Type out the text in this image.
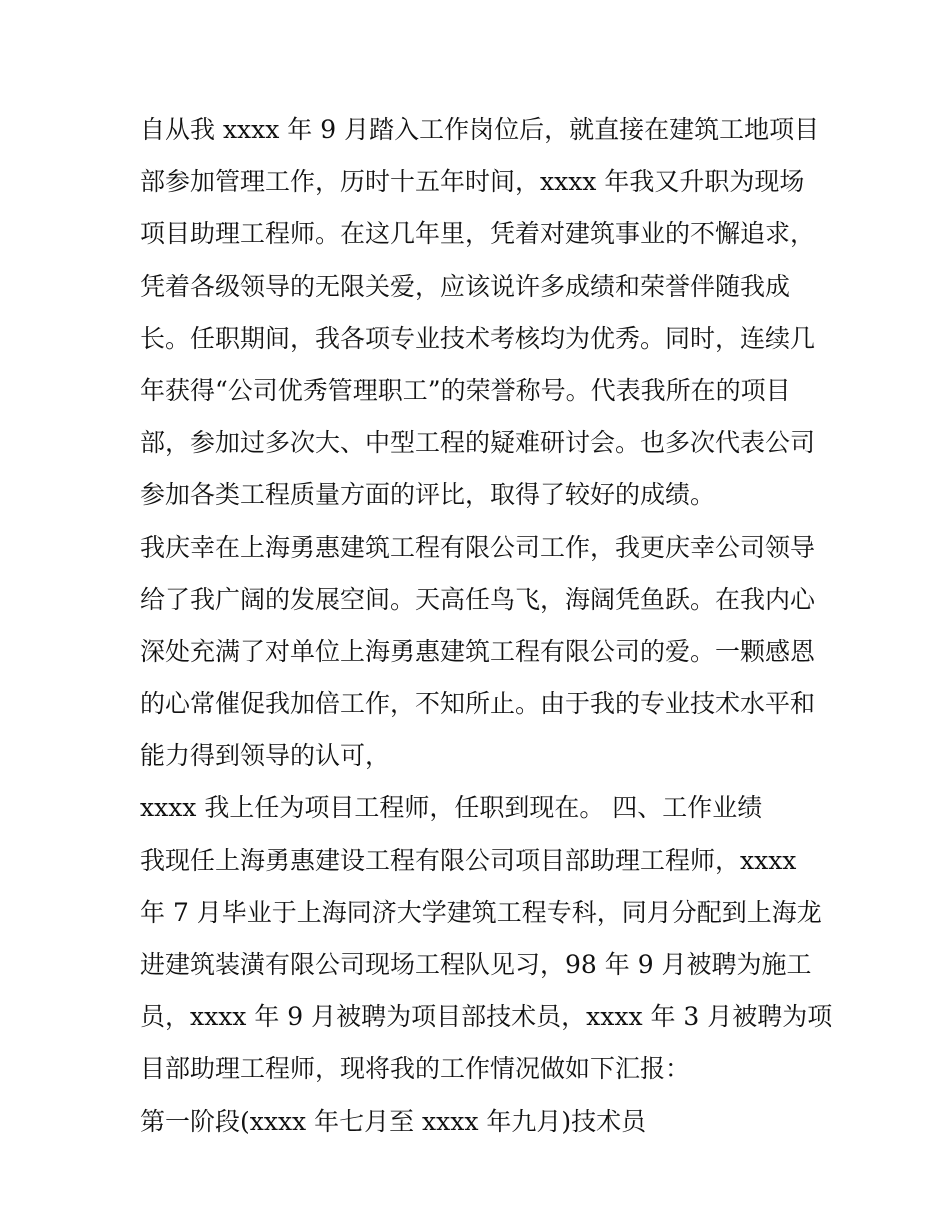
自从我 xxxx 年 9 月踏入工作岗位后，就直接在建筑工地项目
部参加管理工作，历时十五年时间，xxxx 年我又升职为现场
项目助理工程师。在这几年里，凭着对建筑事业的不懈追求，
凭着各级领导的无限关爱，应该说许多成绩和荣誉伴随我成
长。任职期间，我各项专业技术考核均为优秀。同时，连续几
年获得“公司优秀管理职工”的荣誉称号。代表我所在的项目
部，参加过多次大、中型工程的疑难研讨会。也多次代表公司
参加各类工程质量方面的评比，取得了较好的成绩。
我庆幸在上海勇惠建筑工程有限公司工作，我更庆幸公司领导
给了我广阔的发展空间。天高任鸟飞，海阔凭鱼跃。在我内心
深处充满了对单位上海勇惠建筑工程有限公司的爱。一颗感恩
的心常催促我加倍工作，不知所止。由于我的专业技术水平和
能力得到领导的认可，
xxxx 我上任为项目工程师，任职到现在。 四、工作业绩
我现任上海勇惠建设工程有限公司项目部助理工程师，xxxx
年 7 月毕业于上海同济大学建筑工程专科，同月分配到上海龙
进建筑装潢有限公司现场工程队见习，98 年 9 月被聘为施工
员，xxxx 年 9 月被聘为项目部技术员，xxxx 年 3 月被聘为项
目部助理工程师，现将我的工作情况做如下汇报：
第一阶段(xxxx 年七月至 xxxx 年九月)技术员
